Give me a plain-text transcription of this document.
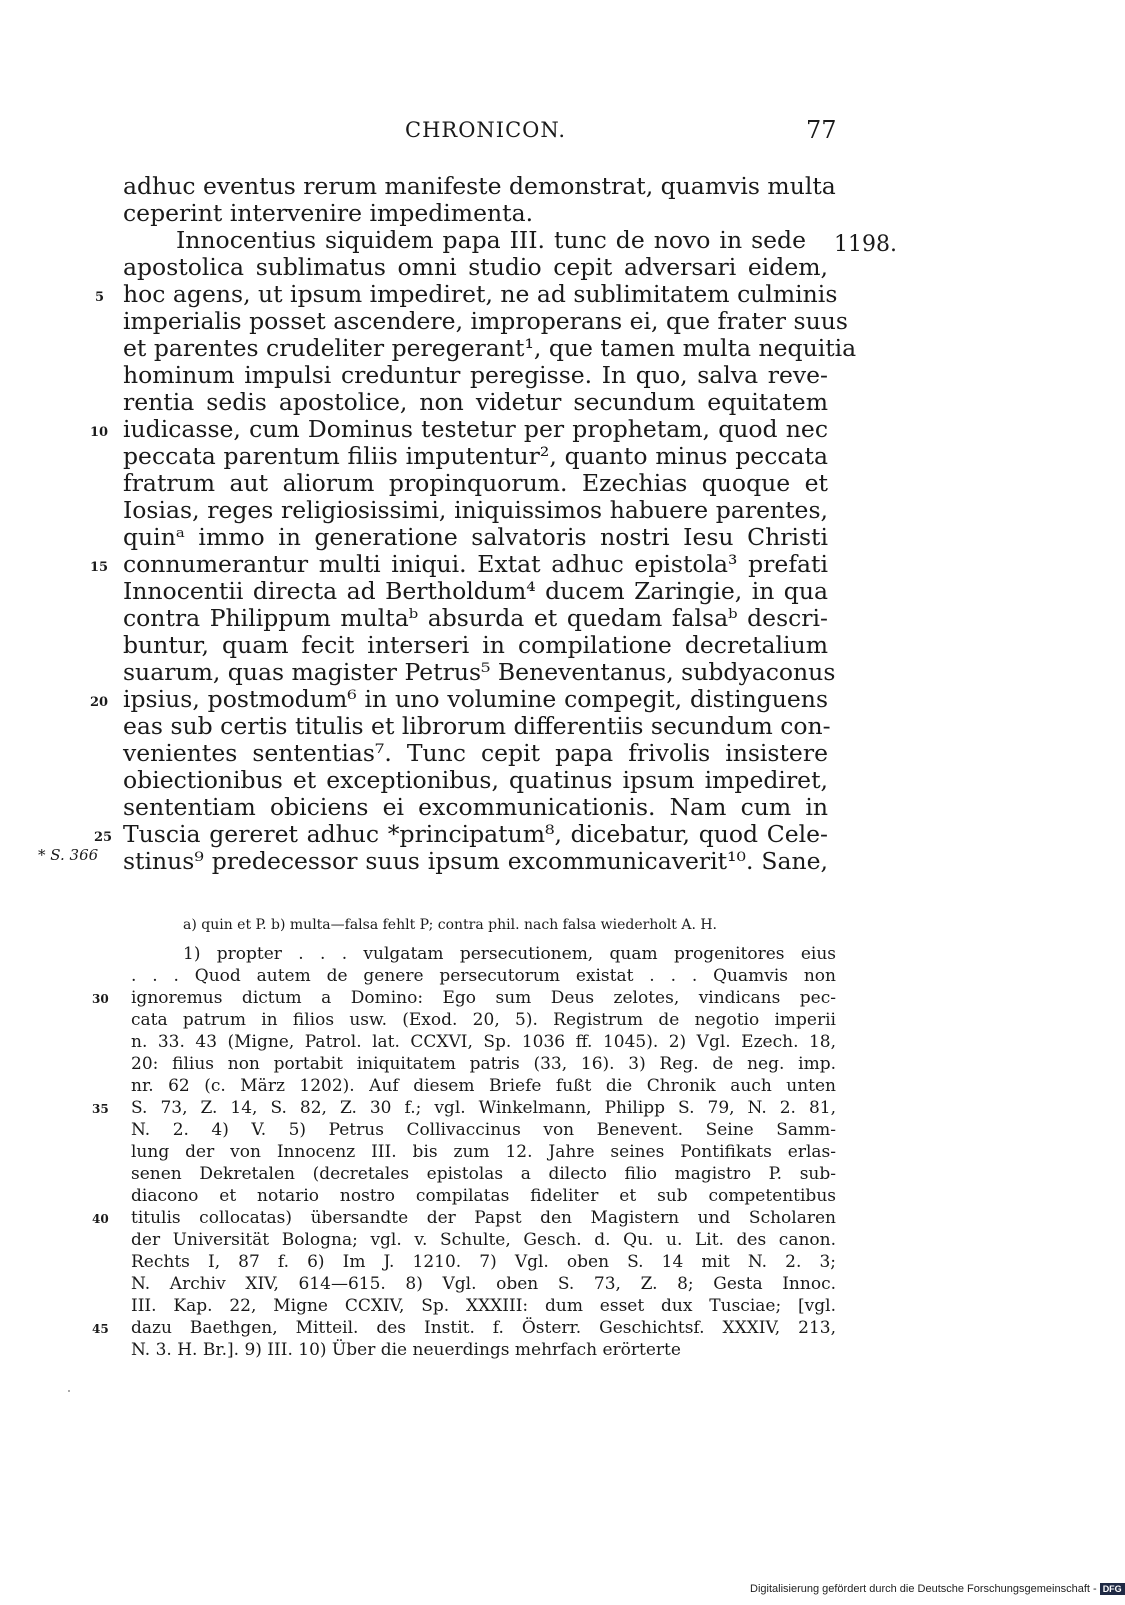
CHRONICON.	77
adhuc eventus rerum manifeste demonstrat, quamvis multa
ceperint intervenire impedimenta.
Innocentius siquidem papa III. tunc de novo in sede
apostolica sublimatus omni studio cepit adversari eidem,
hoc agens, ut ipsum impediret, ne ad sublimitatem culminis
imperialis posset ascendere, improperans ei, que frater suus
et parentes crudeliter peregerant¹, que tamen multa nequitia
hominum impulsi creduntur peregisse. In quo, salva reve-
rentia sedis apostolice, non videtur secundum equitatem
iudicasse, cum Dominus testetur per prophetam, quod nec
peccata parentum filiis imputentur², quanto minus peccata
fratrum aut aliorum propinquorum. Ezechias quoque et
Iosias, reges religiosissimi, iniquissimos habuere parentes,
quinᵃ immo in generatione salvatoris nostri Iesu Christi
connumerantur multi iniqui. Extat adhuc epistola³ prefati
Innocentii directa ad Bertholdum⁴ ducem Zaringie, in qua
contra Philippum multaᵇ absurda et quedam falsaᵇ descri-
buntur, quam fecit interseri in compilatione decretalium
suarum, quas magister Petrus⁵ Beneventanus, subdyaconus
ipsius, postmodum⁶ in uno volumine compegit, distinguens
eas sub certis titulis et librorum differentiis secundum con-
venientes sententias⁷. Tunc cepit papa frivolis insistere
obiectionibus et exceptionibus, quatinus ipsum impediret,
sententiam obiciens ei excommunicationis. Nam cum in
Tuscia gereret adhuc *principatum⁸, dicebatur, quod Cele-
stinus⁹ predecessor suus ipsum excommunicaverit¹⁰. Sane,
5
10
15
20
25
1198.
* S. 366
a) quin et P. b) multa—falsa fehlt P; contra phil. nach falsa wiederholt A. H.
1) propter . . . vulgatam persecutionem, quam progenitores eius
. . . Quod autem de genere persecutorum existat . . . Quamvis non
ignoremus dictum a Domino: Ego sum Deus zelotes, vindicans pec-
cata patrum in filios usw. (Exod. 20, 5). Registrum de negotio imperii
n. 33. 43 (Migne, Patrol. lat. CCXVI, Sp. 1036 ff. 1045). 2) Vgl. Ezech. 18,
20: filius non portabit iniquitatem patris (33, 16). 3) Reg. de neg. imp.
nr. 62 (c. März 1202). Auf diesem Briefe fußt die Chronik auch unten
S. 73, Z. 14, S. 82, Z. 30 f.; vgl. Winkelmann, Philipp S. 79, N. 2. 81,
N. 2. 4) V. 5) Petrus Collivaccinus von Benevent. Seine Samm-
lung der von Innocenz III. bis zum 12. Jahre seines Pontifikats erlas-
senen Dekretalen (decretales epistolas a dilecto filio magistro P. sub-
diacono et notario nostro compilatas fideliter et sub competentibus
titulis collocatas) übersandte der Papst den Magistern und Scholaren
der Universität Bologna; vgl. v. Schulte, Gesch. d. Qu. u. Lit. des canon.
Rechts I, 87 f. 6) Im J. 1210. 7) Vgl. oben S. 14 mit N. 2. 3;
N. Archiv XIV, 614—615. 8) Vgl. oben S. 73, Z. 8; Gesta Innoc.
III. Kap. 22, Migne CCXIV, Sp. XXXIII: dum esset dux Tusciae; [vgl.
dazu Baethgen, Mitteil. des Instit. f. Österr. Geschichtsf. XXXIV, 213,
N. 3. H. Br.]. 9) III. 10) Über die neuerdings mehrfach erörterte
30
35
40
45
Digitalisierung gefördert durch die Deutsche Forschungsgemeinschaft - DFG
